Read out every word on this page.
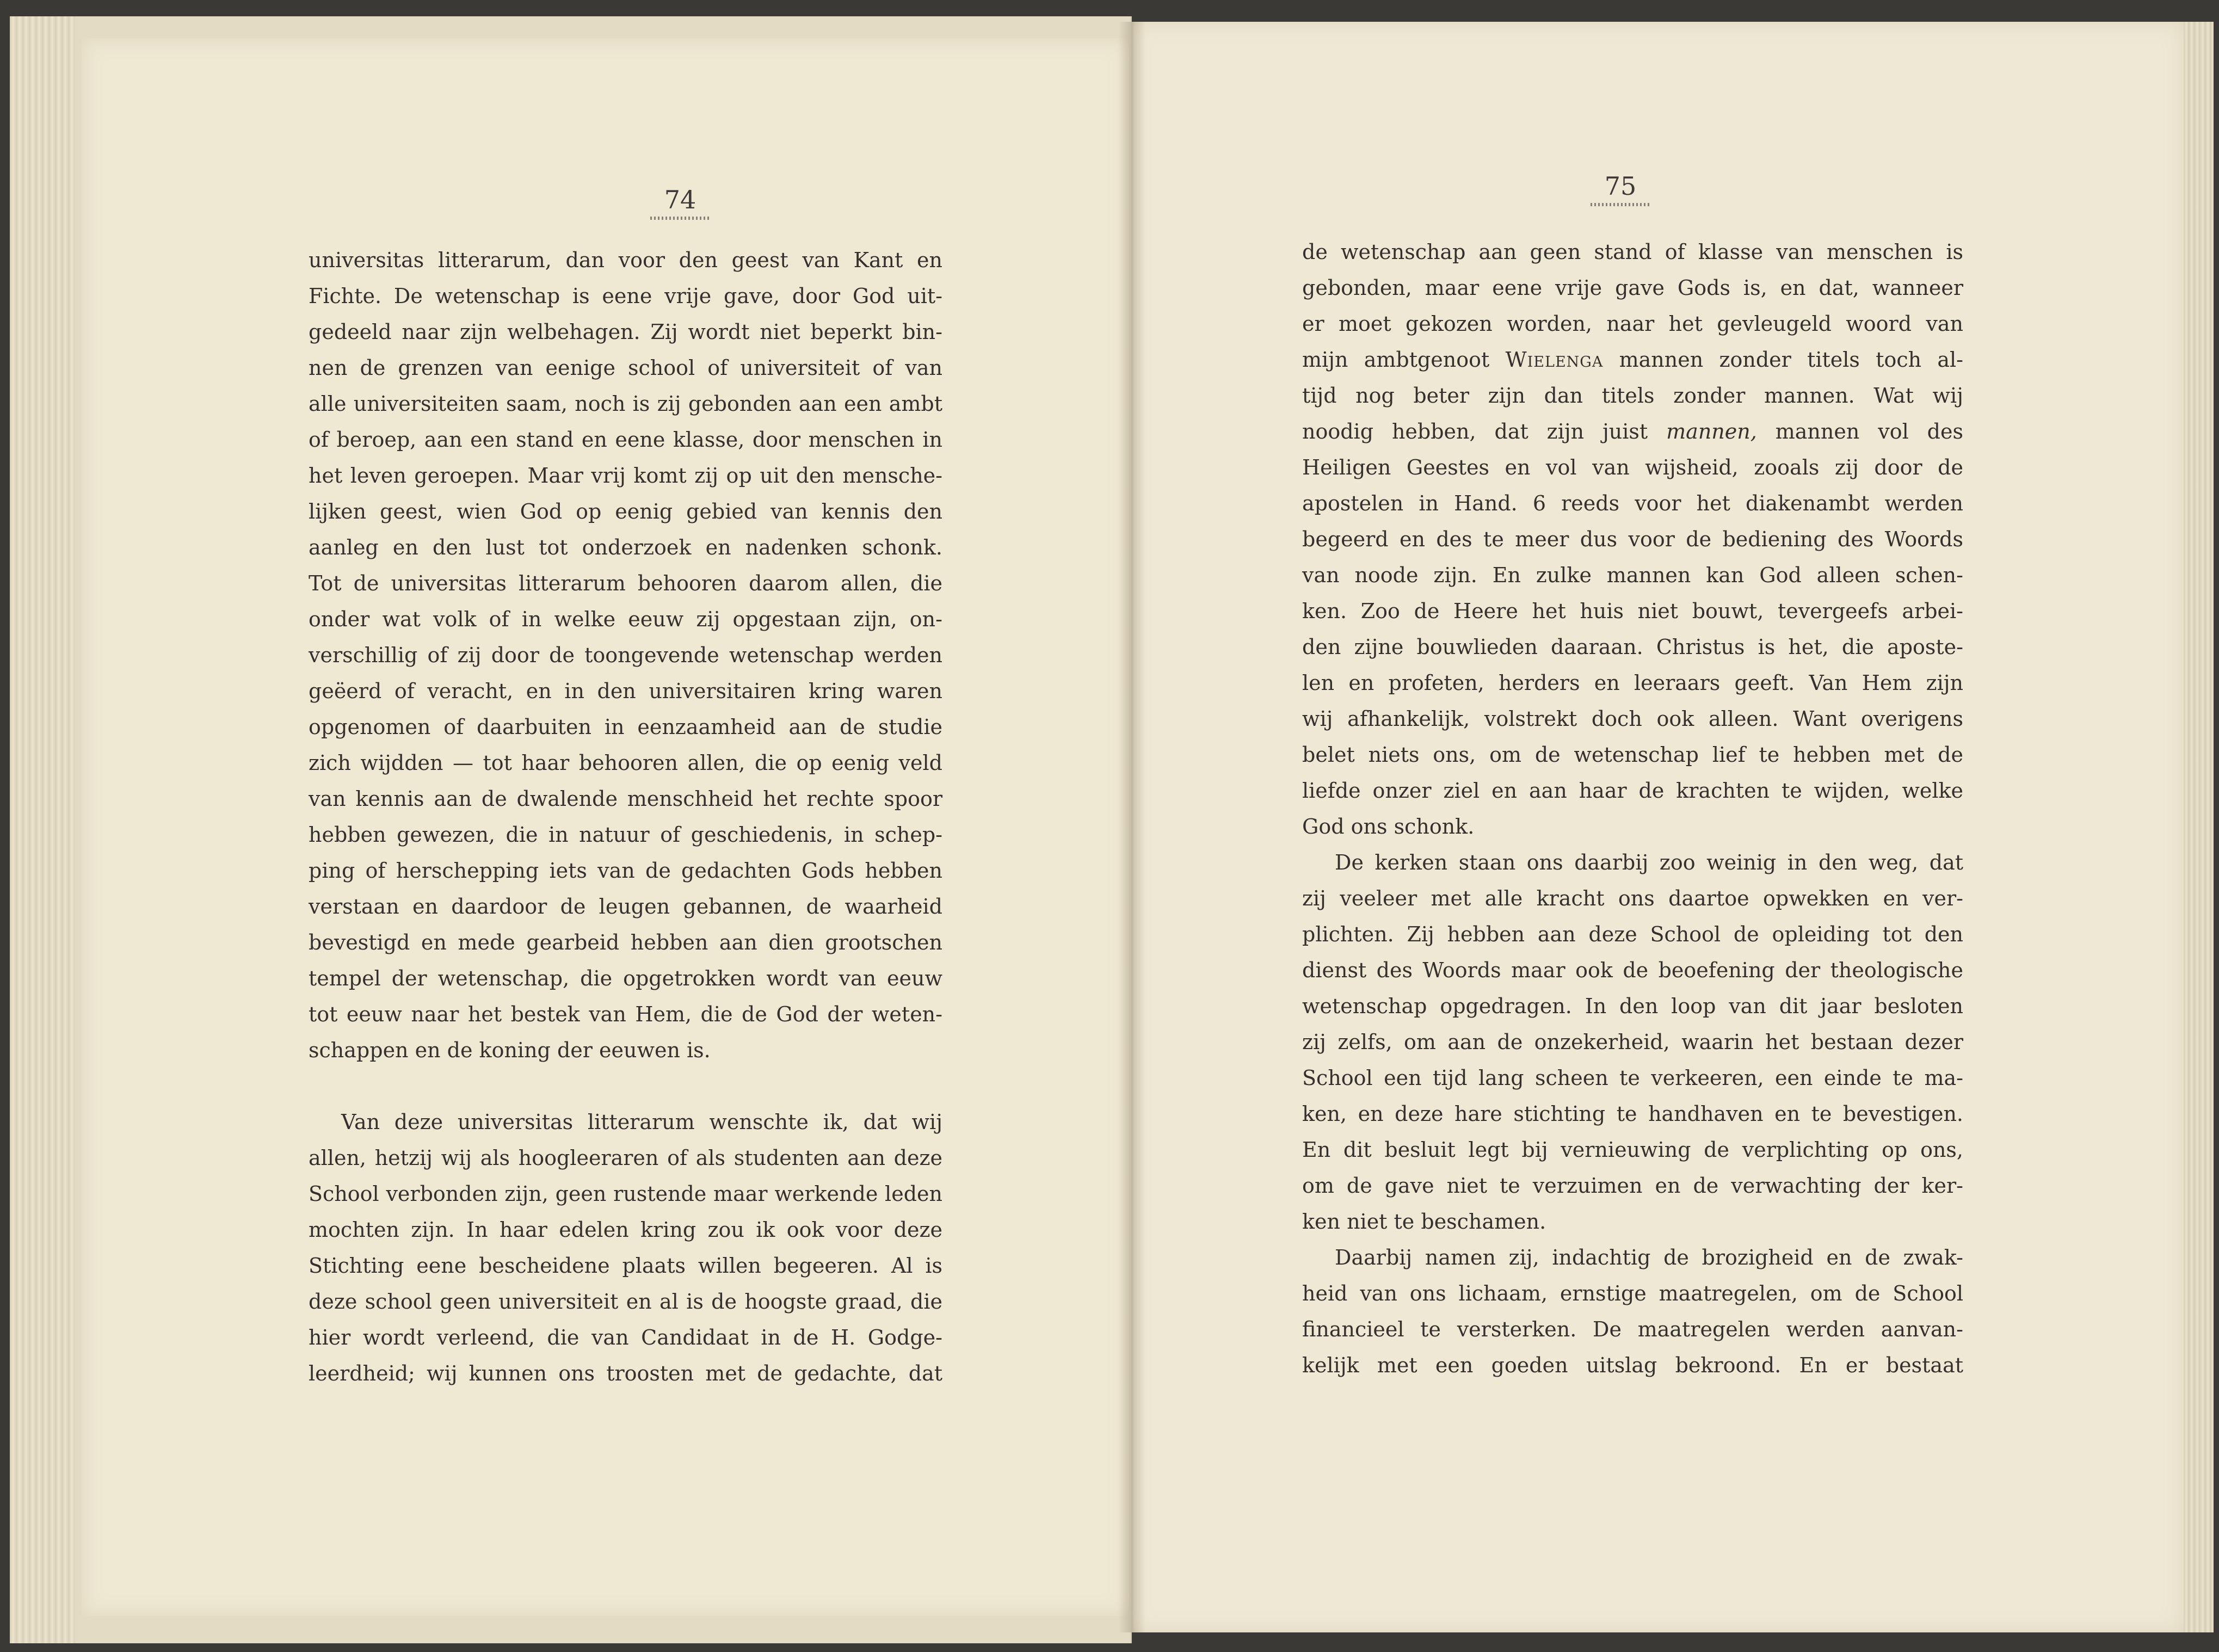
74
universitas litterarum, dan voor den geest van Kant en
Fichte. De wetenschap is eene vrije gave, door God uit-
gedeeld naar zijn welbehagen. Zij wordt niet beperkt bin-
nen de grenzen van eenige school of universiteit of van
alle universiteiten saam, noch is zij gebonden aan een ambt
of beroep, aan een stand en eene klasse, door menschen in
het leven geroepen. Maar vrij komt zij op uit den menschе-
lijken geest, wien God op eenig gebied van kennis den
aanleg en den lust tot onderzoek en nadenken schonk.
Tot de universitas litterarum behooren daarom allen, die
onder wat volk of in welke eeuw zij opgestaan zijn, on-
verschillig of zij door de toongevende wetenschap werden
geëerd of veracht, en in den universitairen kring waren
opgenomen of daarbuiten in eenzaamheid aan de studie
zich wijdden — tot haar behooren allen, die op eenig veld
van kennis aan de dwalende menschheid het rechte spoor
hebben gewezen, die in natuur of geschiedenis, in schep-
ping of herschepping iets van de gedachten Gods hebben
verstaan en daardoor de leugen gebannen, de waarheid
bevestigd en mede gearbeid hebben aan dien grootschen
tempel der wetenschap, die opgetrokken wordt van eeuw
tot eeuw naar het bestek van Hem, die de God der weten-
schappen en de koning der eeuwen is.
Van deze universitas litterarum wenschte ik, dat wij
allen, hetzij wij als hoogleeraren of als studenten aan deze
School verbonden zijn, geen rustende maar werkende leden
mochten zijn. In haar edelen kring zou ik ook voor deze
Stichting eene bescheidene plaats willen begeeren. Al is
deze school geen universiteit en al is de hoogste graad, die
hier wordt verleend, die van Candidaat in de H. Godge-
leerdheid; wij kunnen ons troosten met de gedachte, dat
75
de wetenschap aan geen stand of klasse van menschen is
gebonden, maar eene vrije gave Gods is, en dat, wanneer
er moet gekozen worden, naar het gevleugeld woord van
mijn ambtgenoot Wielenga mannen zonder titels toch al-
tijd nog beter zijn dan titels zonder mannen. Wat wij
noodig hebben, dat zijn juist mannen, mannen vol des
Heiligen Geestes en vol van wijsheid, zooals zij door de
apostelen in Hand. 6 reeds voor het diakenambt werden
begeerd en des te meer dus voor de bediening des Woords
van noode zijn. En zulke mannen kan God alleen schen-
ken. Zoo de Heere het huis niet bouwt, tevergeefs arbei-
den zijne bouwlieden daaraan. Christus is het, die aposte-
len en profeten, herders en leeraars geeft. Van Hem zijn
wij afhankelijk, volstrekt doch ook alleen. Want overigens
belet niets ons, om de wetenschap lief te hebben met de
liefde onzer ziel en aan haar de krachten te wijden, welke
God ons schonk.
De kerken staan ons daarbij zoo weinig in den weg, dat
zij veeleer met alle kracht ons daartoe opwekken en ver-
plichten. Zij hebben aan deze School de opleiding tot den
dienst des Woords maar ook de beoefening der theologische
wetenschap opgedragen. In den loop van dit jaar besloten
zij zelfs, om aan de onzekerheid, waarin het bestaan dezer
School een tijd lang scheen te verkeeren, een einde te ma-
ken, en deze hare stichting te handhaven en te bevestigen.
En dit besluit legt bij vernieuwing de verplichting op ons,
om de gave niet te verzuimen en de verwachting der ker-
ken niet te beschamen.
Daarbij namen zij, indachtig de brozigheid en de zwak-
heid van ons lichaam, ernstige maatregelen, om de School
financieel te versterken. De maatregelen werden aanvan-
kelijk met een goeden uitslag bekroond. En er bestaat
